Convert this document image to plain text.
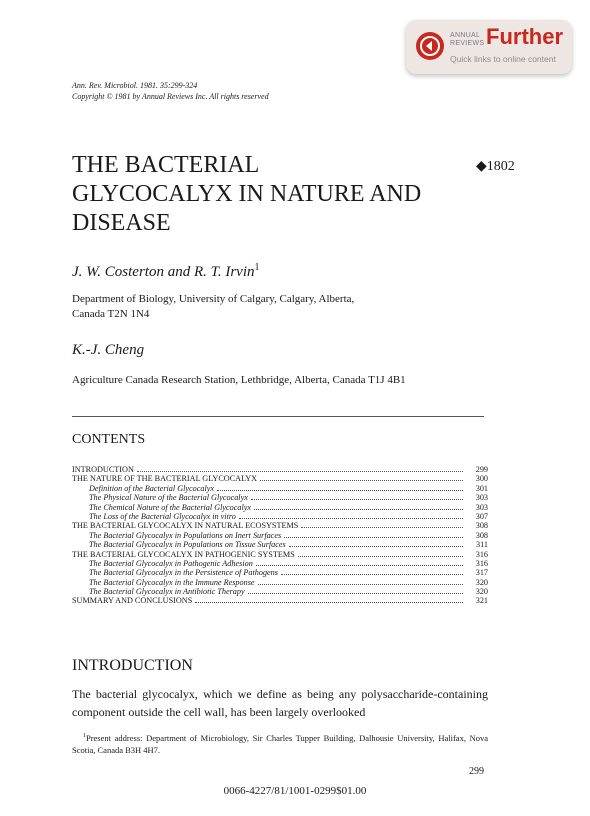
ANNUAL
REVIEWS Further
Quick links to online content
Ann. Rev. Microbiol. 1981. 35:299-324
Copyright © 1981 by Annual Reviews Inc. All rights reserved
THE BACTERIAL
GLYCOCALYX IN NATURE AND
DISEASE
◆1802
J. W. Costerton and R. T. Irvin$^1$
Department of Biology, University of Calgary, Calgary, Alberta,
Canada T2N 1N4
K.-J. Cheng
Agriculture Canada Research Station, Lethbridge, Alberta, Canada T1J 4B1
CONTENTS
INTRODUCTION	299
THE NATURE OF THE BACTERIAL GLYCOCALYX	300
Definition of the Bacterial Glycocalyx	301
The Physical Nature of the Bacterial Glycocalyx	303
The Chemical Nature of the Bacterial Glycocalyx	303
The Loss of the Bacterial Glycocalyx in vitro	307
THE BACTERIAL GLYCOCALYX IN NATURAL ECOSYSTEMS	308
The Bacterial Glycocalyx in Populations on Inert Surfaces	308
The Bacterial Glycocalyx in Populations on Tissue Surfaces	311
THE BACTERIAL GLYCOCALYX IN PATHOGENIC SYSTEMS	316
The Bacterial Glycocalyx in Pathogenic Adhesion	316
The Bacterial Glycocalyx in the Persistence of Pathogens	317
The Bacterial Glycocalyx in the Immune Response	320
The Bacterial Glycocalyx in Antibiotic Therapy	320
SUMMARY AND CONCLUSIONS	321
INTRODUCTION
The bacterial glycocalyx, which we define as being any polysaccharide-containing component outside the cell wall, has been largely overlooked
$^1$Present address: Department of Microbiology, Sir Charles Tupper Building, Dalhousie University, Halifax, Nova Scotia, Canada B3H 4H7.
299
0066-4227/81/1001-0299$01.00
